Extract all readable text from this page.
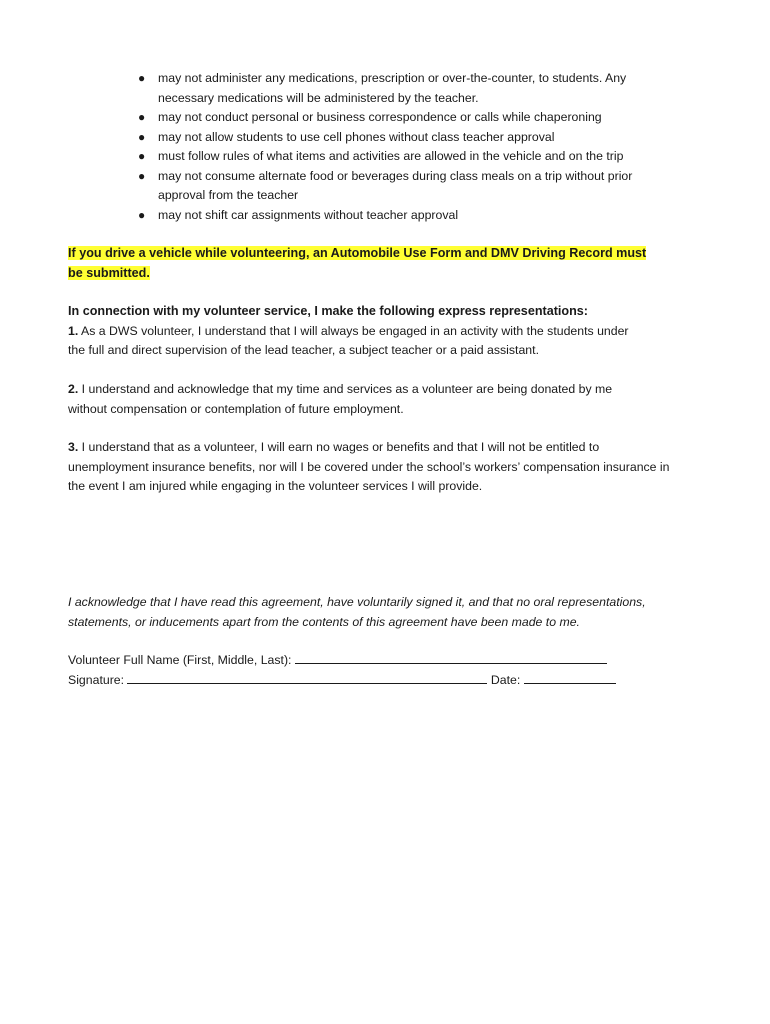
● may not administer any medications, prescription or over-the-counter, to students. Any
necessary medications will be administered by the teacher.
● may not conduct personal or business correspondence or calls while chaperoning
● may not allow students to use cell phones without class teacher approval
● must follow rules of what items and activities are allowed in the vehicle and on the trip
● may not consume alternate food or beverages during class meals on a trip without prior
approval from the teacher
● may not shift car assignments without teacher approval
If you drive a vehicle while volunteering, an Automobile Use Form and DMV Driving Record must
be submitted.
In connection with my volunteer service, I make the following express representations:
1. As a DWS volunteer, I understand that I will always be engaged in an activity with the students under
the full and direct supervision of the lead teacher, a subject teacher or a paid assistant.
2. I understand and acknowledge that my time and services as a volunteer are being donated by me
without compensation or contemplation of future employment.
3. I understand that as a volunteer, I will earn no wages or benefits and that I will not be entitled to
unemployment insurance benefits, nor will I be covered under the school’s workers’ compensation insurance in
the event I am injured while engaging in the volunteer services I will provide.
I acknowledge that I have read this agreement, have voluntarily signed it, and that no oral representations,
statements, or inducements apart from the contents of this agreement have been made to me.
Volunteer Full Name (First, Middle, Last):
Signature:	Date:
